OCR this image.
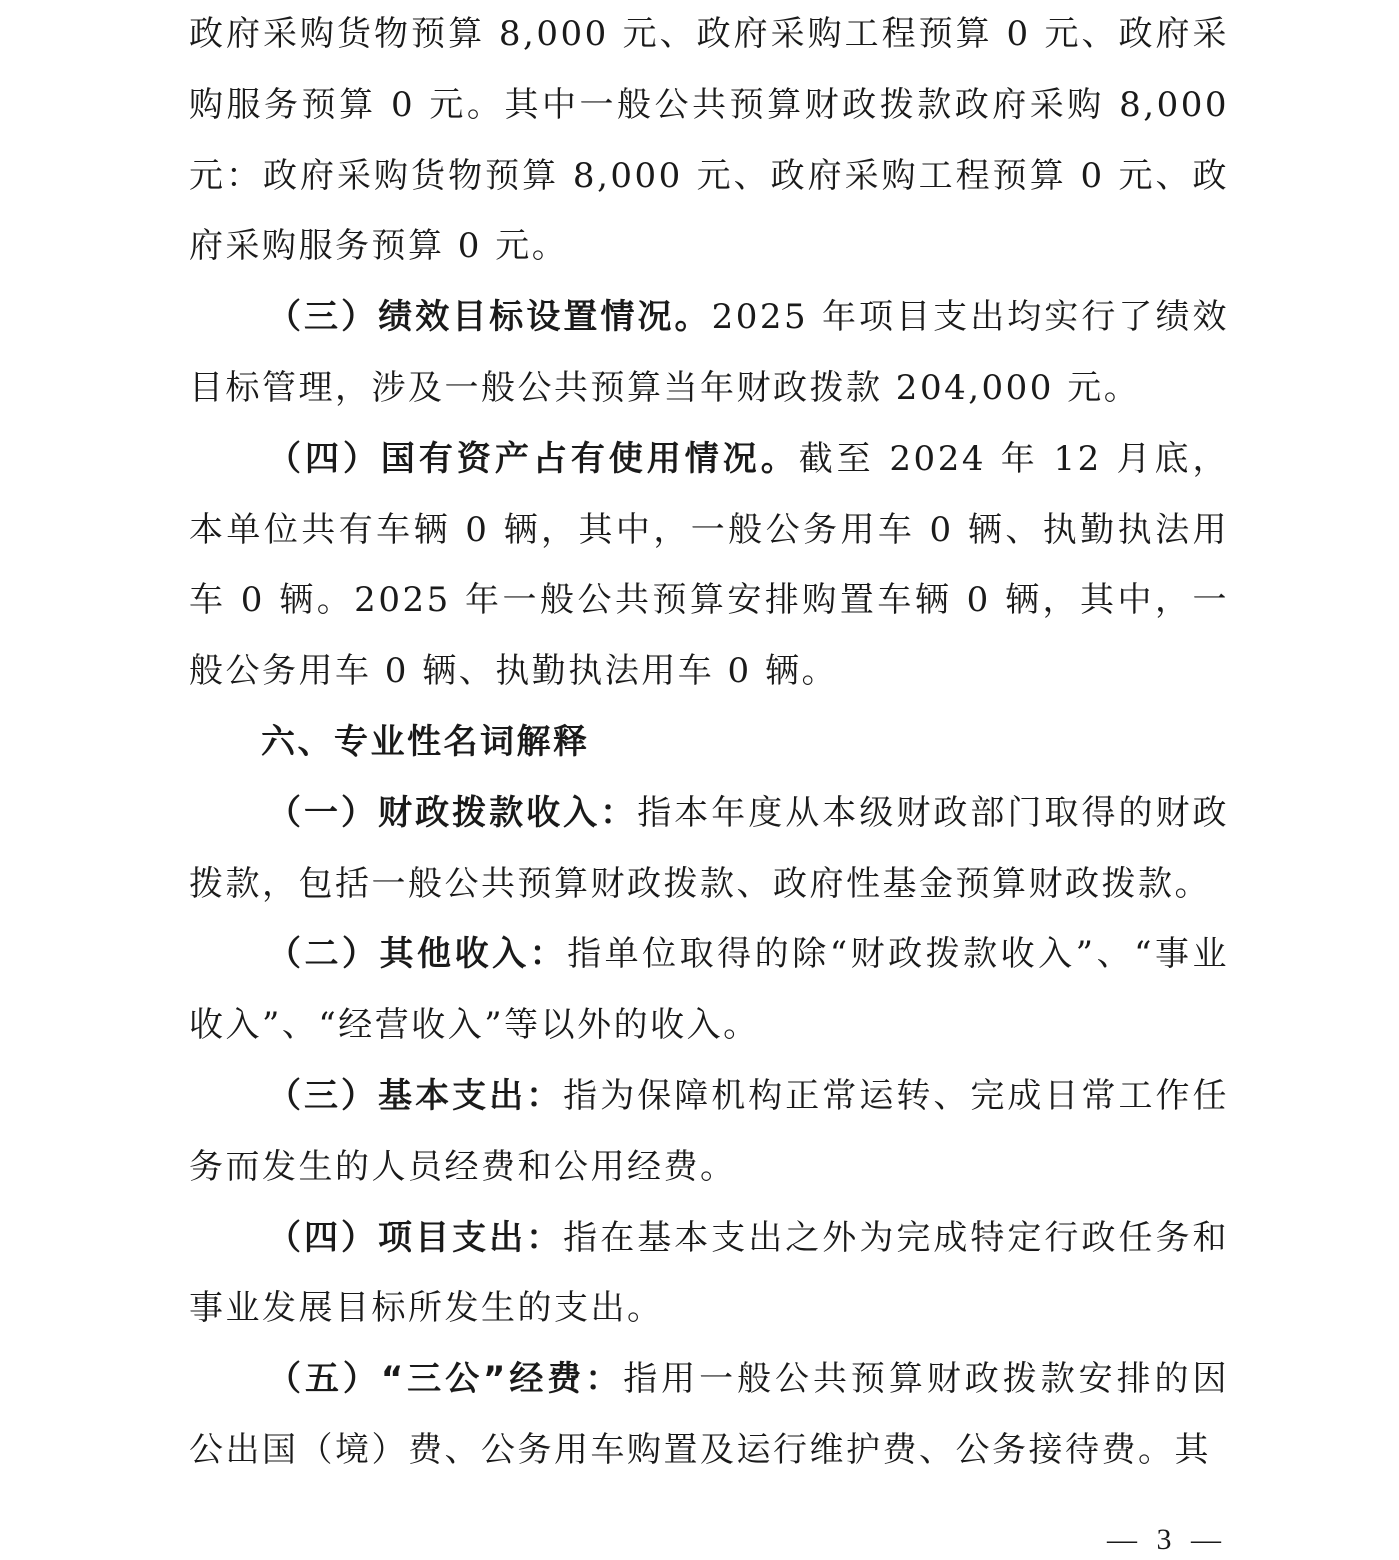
政府采购货物预算 8,000 元、政府采购工程预算 0 元、政府采购服务预算 0 元。其中一般公共预算财政拨款政府采购 8,000 元：政府采购货物预算 8,000 元、政府采购工程预算 0 元、政府采购服务预算 0 元。

（三）绩效目标设置情况。2025 年项目支出均实行了绩效目标管理，涉及一般公共预算当年财政拨款 204,000 元。

（四）国有资产占有使用情况。截至 2024 年 12 月底，本单位共有车辆 0 辆，其中，一般公务用车 0 辆、执勤执法用车 0 辆。2025 年一般公共预算安排购置车辆 0 辆，其中，一般公务用车 0 辆、执勤执法用车 0 辆。

六、专业性名词解释

（一）财政拨款收入：指本年度从本级财政部门取得的财政拨款，包括一般公共预算财政拨款、政府性基金预算财政拨款。

（二）其他收入：指单位取得的除“财政拨款收入”、“事业收入”、“经营收入”等以外的收入。

（三）基本支出：指为保障机构正常运转、完成日常工作任务而发生的人员经费和公用经费。

（四）项目支出：指在基本支出之外为完成特定行政任务和事业发展目标所发生的支出。

（五）“三公”经费：指用一般公共预算财政拨款安排的因公出国（境）费、公务用车购置及运行维护费、公务接待费。其

— 3 —
